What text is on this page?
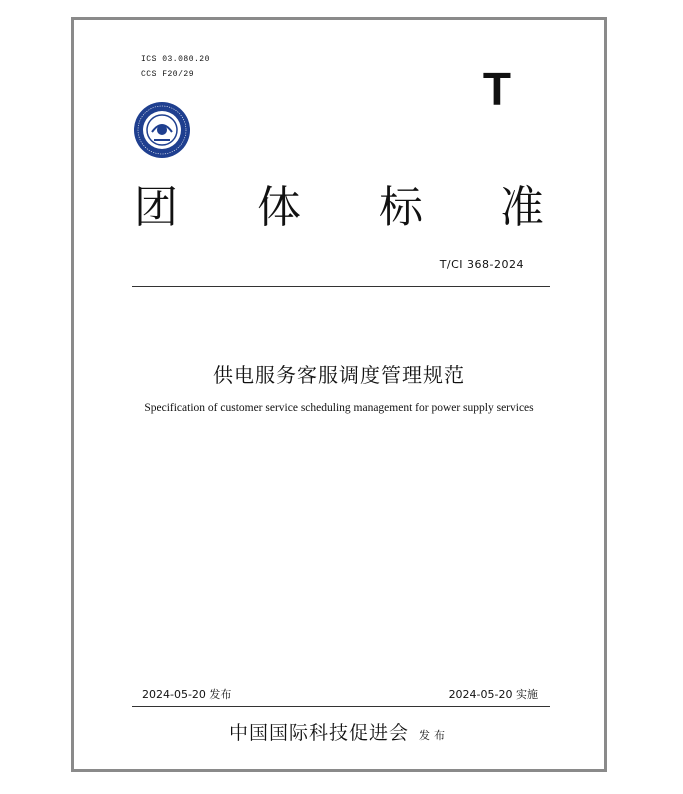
ICS 03.080.20
CCS F20/29	T
团 体 标 准
T/CI 368-2024
供电服务客服调度管理规范
Specification of customer service scheduling management for power supply services
2024-05-20 发布	2024-05-20 实施
中国国际科技促进会 发布
